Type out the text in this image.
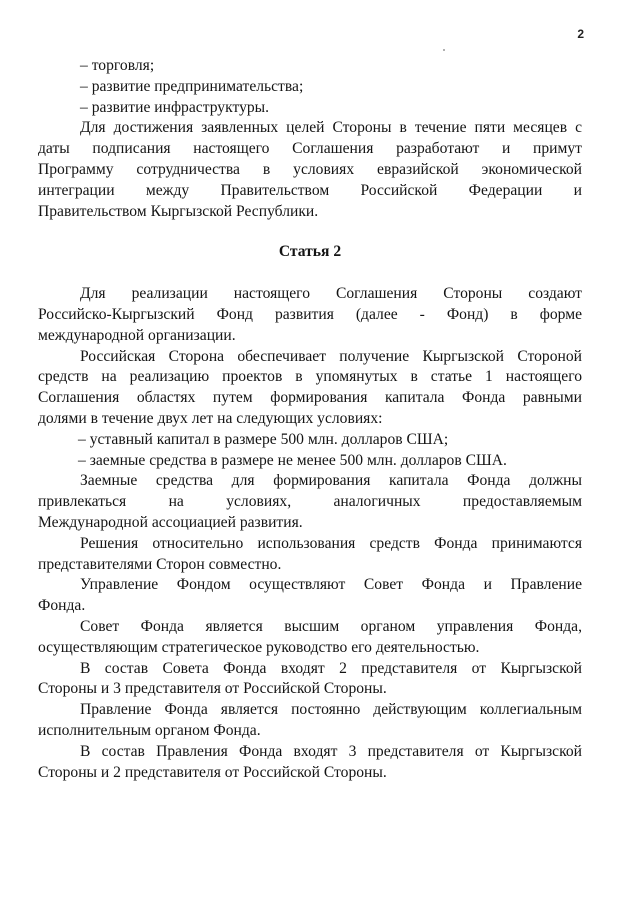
2
– торговля;
– развитие предпринимательства;
– развитие инфраструктуры.
Для достижения заявленных целей Стороны в течение пяти месяцев с
даты подписания настоящего Соглашения разработают и примут
Программу сотрудничества в условиях евразийской экономической
интеграции между Правительством Российской Федерации и
Правительством Кыргызской Республики.
Статья 2
Для реализации настоящего Соглашения Стороны создают
Российско-Кыргызский Фонд развития (далее - Фонд) в форме
международной организации.
Российская Сторона обеспечивает получение Кыргызской Стороной
средств на реализацию проектов в упомянутых в статье 1 настоящего
Соглашения областях путем формирования капитала Фонда равными
долями в течение двух лет на следующих условиях:
– уставный капитал в размере 500 млн. долларов США;
– заемные средства в размере не менее 500 млн. долларов США.
Заемные средства для формирования капитала Фонда должны
привлекаться на условиях, аналогичных предоставляемым
Международной ассоциацией развития.
Решения относительно использования средств Фонда принимаются
представителями Сторон совместно.
Управление Фондом осуществляют Совет Фонда и Правление
Фонда.
Совет Фонда является высшим органом управления Фонда,
осуществляющим стратегическое руководство его деятельностью.
В состав Совета Фонда входят 2 представителя от Кыргызской
Стороны и 3 представителя от Российской Стороны.
Правление Фонда является постоянно действующим коллегиальным
исполнительным органом Фонда.
В состав Правления Фонда входят 3 представителя от Кыргызской
Стороны и 2 представителя от Российской Стороны.
